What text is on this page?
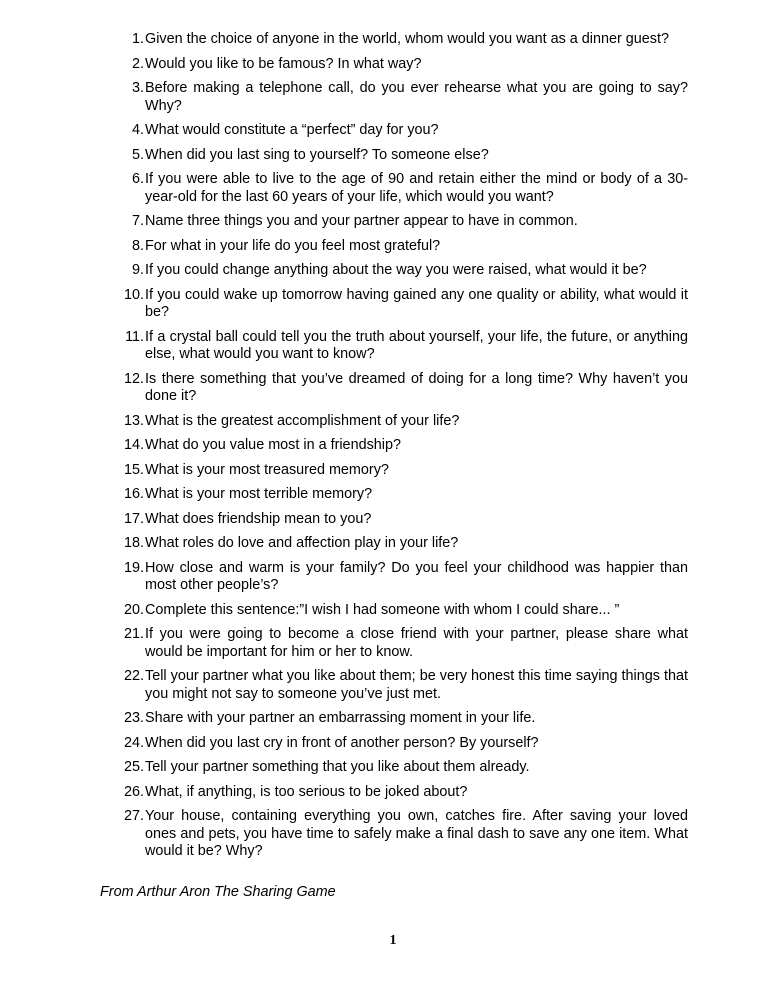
1. Given the choice of anyone in the world, whom would you want as a dinner guest?
2. Would you like to be famous? In what way?
3. Before making a telephone call, do you ever rehearse what you are going to say? Why?
4. What would constitute a “perfect” day for you?
5. When did you last sing to yourself? To someone else?
6. If you were able to live to the age of 90 and retain either the mind or body of a 30-year-old for the last 60 years of your life, which would you want?
7. Name three things you and your partner appear to have in common.
8. For what in your life do you feel most grateful?
9. If you could change anything about the way you were raised, what would it be?
10. If you could wake up tomorrow having gained any one quality or ability, what would it be?
11. If a crystal ball could tell you the truth about yourself, your life, the future, or anything else, what would you want to know?
12. Is there something that you’ve dreamed of doing for a long time? Why haven’t you done it?
13. What is the greatest accomplishment of your life?
14. What do you value most in a friendship?
15. What is your most treasured memory?
16. What is your most terrible memory?
17. What does friendship mean to you?
18. What roles do love and affection play in your life?
19. How close and warm is your family? Do you feel your childhood was happier than most other people’s?
20. Complete this sentence:”I wish I had someone with whom I could share... ”
21. If you were going to become a close friend with your partner, please share what would be important for him or her to know.
22. Tell your partner what you like about them; be very honest this time saying things that you might not say to someone you’ve just met.
23. Share with your partner an embarrassing moment in your life.
24. When did you last cry in front of another person? By yourself?
25. Tell your partner something that you like about them already.
26. What, if anything, is too serious to be joked about?
27. Your house, containing everything you own, catches fire. After saving your loved ones and pets, you have time to safely make a final dash to save any one item. What would it be? Why?
From Arthur Aron The Sharing Game
1
